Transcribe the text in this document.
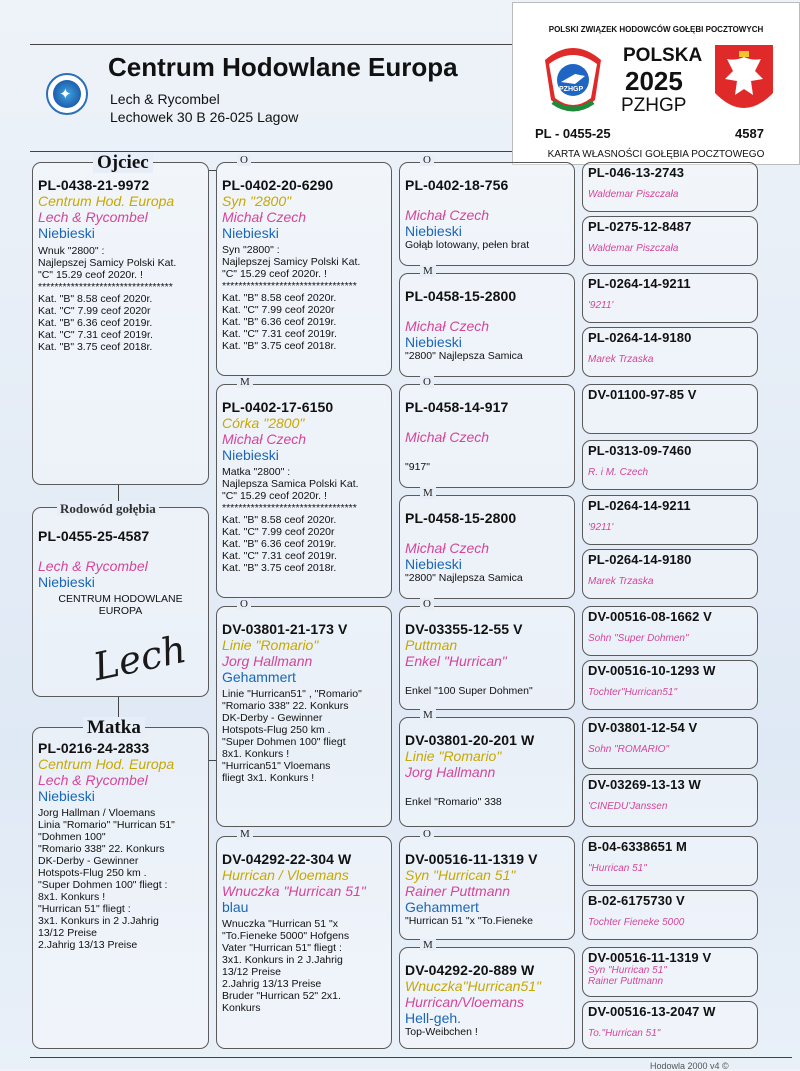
✦
Centrum Hodowlane Europa
Lech & Rycombel
Lechowek 30 B 26-025 Lagow
POLSKI ZWIĄZEK HODOWCÓW GOŁĘBI POCZTOWYCH
PZHGP
POLSKA
2025
PZHGP
PL - 0455-25	4587
KARTA WŁASNOŚCI GOŁĘBIA POCZTOWEGO
Ojciec
PL-0438-21-9972
Centrum Hod. Europa
Lech & Rycombel
Niebieski
Wnuk "2800" :
Najlepszej Samicy Polski Kat.
"C" 15.29 ceof 2020r. !
*********************************
Kat. "B" 8.58 ceof 2020r.
Kat. "C" 7.99 ceof 2020r
Kat. "B" 6.36 ceof 2019r.
Kat. "C" 7.31 ceof 2019r.
Kat. "B" 3.75 ceof 2018r.
Rodowód gołębia
PL-0455-25-4587
Lech & Rycombel
Niebieski
CENTRUM HODOWLANE
EUROPA
Lech
Matka
PL-0216-24-2833
Centrum Hod. Europa
Lech & Rycombel
Niebieski
Jorg Hallman / Vloemans
Linia "Romario" "Hurrican 51"
"Dohmen 100"
"Romario 338" 22. Konkurs
DK-Derby - Gewinner
Hotspots-Flug 250 km .
"Super Dohmen 100" fliegt :
8x1. Konkurs !
"Hurrican 51" fliegt :
3x1. Konkurs in 2 J.Jahrig
13/12 Preise
2.Jahrig 13/13 Preise
O
PL-0402-20-6290
Syn "2800"
Michał Czech
Niebieski
Syn "2800" :
Najlepszej Samicy Polski Kat.
"C" 15.29 ceof 2020r. !
*********************************
Kat. "B" 8.58 ceof 2020r.
Kat. "C" 7.99 ceof 2020r
Kat. "B" 6.36 ceof 2019r.
Kat. "C" 7.31 ceof 2019r.
Kat. "B" 3.75 ceof 2018r.
M
PL-0402-17-6150
Córka "2800"
Michał Czech
Niebieski
Matka "2800" :
Najlepsza Samica Polski Kat.
"C" 15.29 ceof 2020r. !
*********************************
Kat. "B" 8.58 ceof 2020r.
Kat. "C" 7.99 ceof 2020r
Kat. "B" 6.36 ceof 2019r.
Kat. "C" 7.31 ceof 2019r.
Kat. "B" 3.75 ceof 2018r.
O
DV-03801-21-173 V
Linie "Romario"
Jorg Hallmann
Gehammert
Linie "Hurrican51" , "Romario"
"Romario 338" 22. Konkurs
DK-Derby - Gewinner
Hotspots-Flug 250 km .
"Super Dohmen 100" fliegt
8x1. Konkurs !
"Hurrican51" Vloemans
fliegt 3x1. Konkurs !
M
DV-04292-22-304 W
Hurrican / Vloemans
Wnuczka "Hurrican 51"
blau
Wnuczka "Hurrican 51 "x
"To.Fieneke 5000" Hofgens
Vater "Hurrican 51" fliegt :
3x1. Konkurs in 2 J.Jahrig
13/12 Preise
2.Jahrig 13/13 Preise
Bruder "Hurrican 52" 2x1.
Konkurs
O
PL-0402-18-756
Michał Czech
Niebieski
Gołąb lotowany, pełen brat
M
PL-0458-15-2800
Michał Czech
Niebieski
"2800" Najlepsza Samica
O
PL-0458-14-917
Michał Czech
"917"
M
PL-0458-15-2800
Michał Czech
Niebieski
"2800" Najlepsza Samica
O
DV-03355-12-55 V
Puttman
Enkel "Hurrican"
Enkel "100 Super Dohmen"
M
DV-03801-20-201 W
Linie "Romario"
Jorg Hallmann
Enkel "Romario" 338
O
DV-00516-11-1319 V
Syn "Hurrican 51"
Rainer Puttmann
Gehammert
"Hurrican 51 "x "To.Fieneke
M
DV-04292-20-889 W
Wnuczka"Hurrican51"
Hurrican/Vloemans
Hell-geh.
Top-Weibchen !
PL-046-13-2743
Waldemar Piszczała
PL-0275-12-8487
Waldemar Piszczała
PL-0264-14-9211
'9211'
PL-0264-14-9180
Marek Trzaska
DV-01100-97-85 V
PL-0313-09-7460
R. i M. Czech
PL-0264-14-9211
'9211'
PL-0264-14-9180
Marek Trzaska
DV-00516-08-1662 V
Sohn "Super Dohmen"
DV-00516-10-1293 W
Tochter"Hurrican51"
DV-03801-12-54 V
Sohn "ROMARIO"
DV-03269-13-13 W
'CINEDU'Janssen
B-04-6338651 M
"Hurrican 51"
B-02-6175730 V
Tochter Fieneke 5000
DV-00516-11-1319 V
Syn "Hurrican 51"
Rainer Puttmann
DV-00516-13-2047 W
To."Hurrican 51"
Hodowla 2000 v4 ©
